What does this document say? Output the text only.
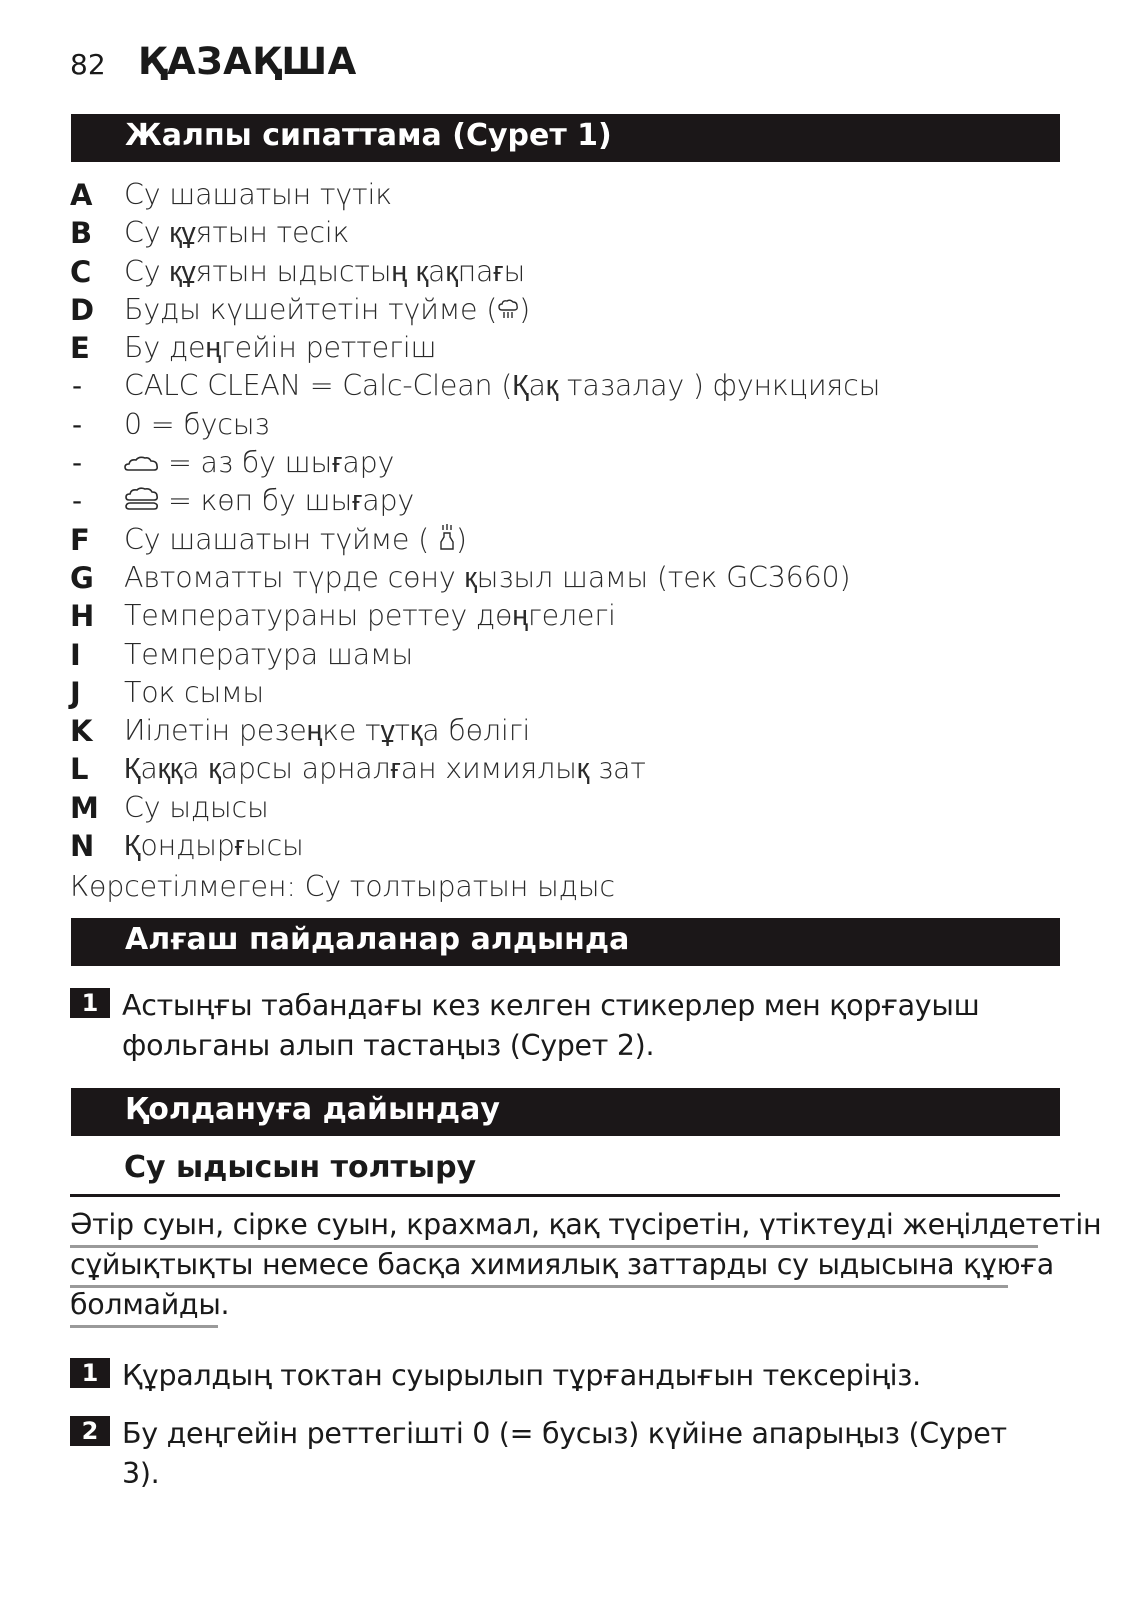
82 ҚАЗАҚША
Жалпы сипаттама (Сурет 1)
A Су шашатын түтік
B Су құятын тесік
C Су құятын ыдыстың қақпағы
D Буды күшейтетін түйме ( )
E Бу деңгейін реттегіш
- CALC CLEAN = Calc-Clean (Қақ тазалау ) функциясы
- 0 = бусыз
-	= аз бу шығару
-	= көп бу шығару
F Су шашатын түйме ( )
G Автоматты түрде сөну қызыл шамы (тек GC3660)
H Температураны реттеу дөңгелегі
I Температура шамы
J Ток сымы
K Иілетін резеңке тұтқа бөлігі
L Қаққа қарсы арналған химиялық зат
M Су ыдысы
N Қондырғысы
Көрсетілмеген: Су толтыратын ыдыс
Алғаш пайдаланар алдында
1 Астыңғы табандағы кез келген стикерлер мен қорғауыш
фольганы алып тастаңыз (Сурет 2).
Қолдануға дайындау
Су ыдысын толтыру
Әтір суын, сірке суын, крахмал, қақ түсіретін, үтіктеуді жеңілдететін
сұйықтықты немесе басқа химиялық заттарды су ыдысына құюға
болмайды.
1 Құралдың токтан суырылып тұрғандығын тексеріңіз.
2 Бу деңгейін реттегішті 0 (= бусыз) күйіне апарыңыз (Сурет 3).
